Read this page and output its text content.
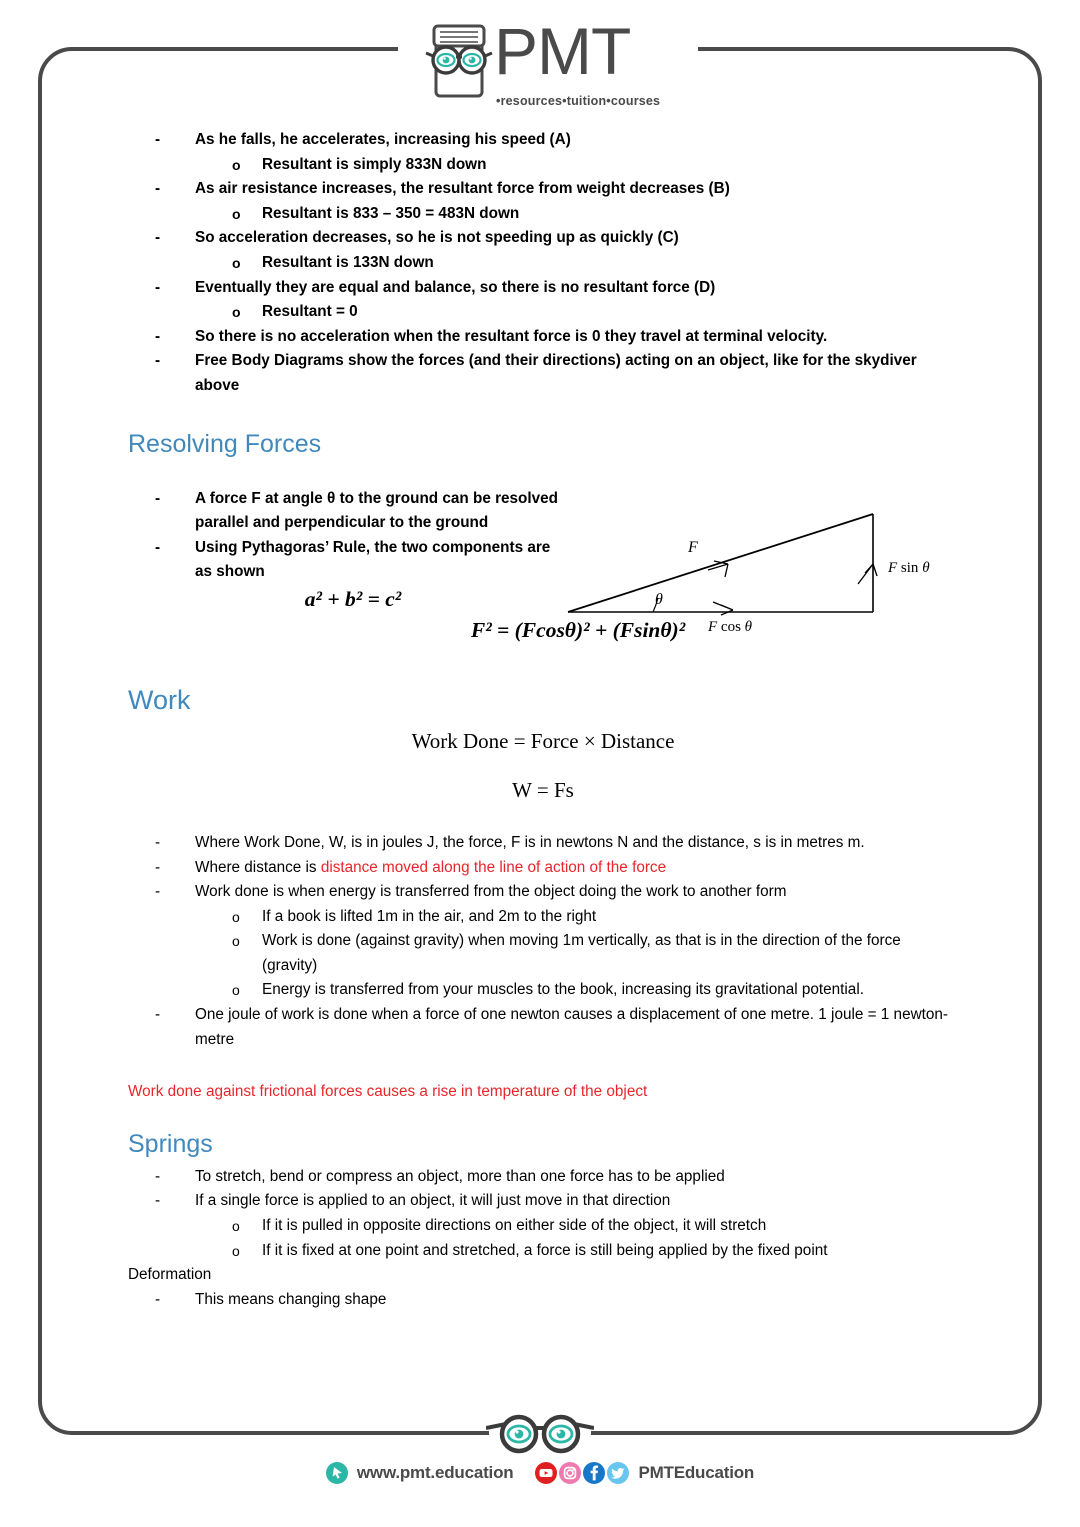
PMT
•resources•tuition•courses
- As he falls, he accelerates, increasing his speed (A)
o Resultant is simply 833N down
- As air resistance increases, the resultant force from weight decreases (B)
o Resultant is 833 – 350 = 483N down
- So acceleration decreases, so he is not speeding up as quickly (C)
o Resultant is 133N down
- Eventually they are equal and balance, so there is no resultant force (D)
o Resultant = 0
- So there is no acceleration when the resultant force is 0 they travel at terminal velocity.
- Free Body Diagrams show the forces (and their directions) acting on an object, like for the skydiver above
Resolving Forces
- A force F at angle θ to the ground can be resolved parallel and perpendicular to the ground
- Using Pythagoras’ Rule, the two components are as shown
a² + b² = c²
F
θ
F cos θ
F sin θ
F² = (Fcosθ)² + (Fsinθ)²
Work
Work Done = Force × Distance
W = Fs
- Where Work Done, W, is in joules J, the force, F is in newtons N and the distance, s is in metres m.
- Where distance is distance moved along the line of action of the force
- Work done is when energy is transferred from the object doing the work to another form
o If a book is lifted 1m in the air, and 2m to the right
o Work is done (against gravity) when moving 1m vertically, as that is in the direction of the force (gravity)
o Energy is transferred from your muscles to the book, increasing its gravitational potential.
- One joule of work is done when a force of one newton causes a displacement of one metre. 1 joule = 1 newton-metre
Work done against frictional forces causes a rise in temperature of the object
Springs
- To stretch, bend or compress an object, more than one force has to be applied
- If a single force is applied to an object, it will just move in that direction
o If it is pulled in opposite directions on either side of the object, it will stretch
o If it is fixed at one point and stretched, a force is still being applied by the fixed point
Deformation
- This means changing shape
www.pmt.education	PMTEducation
